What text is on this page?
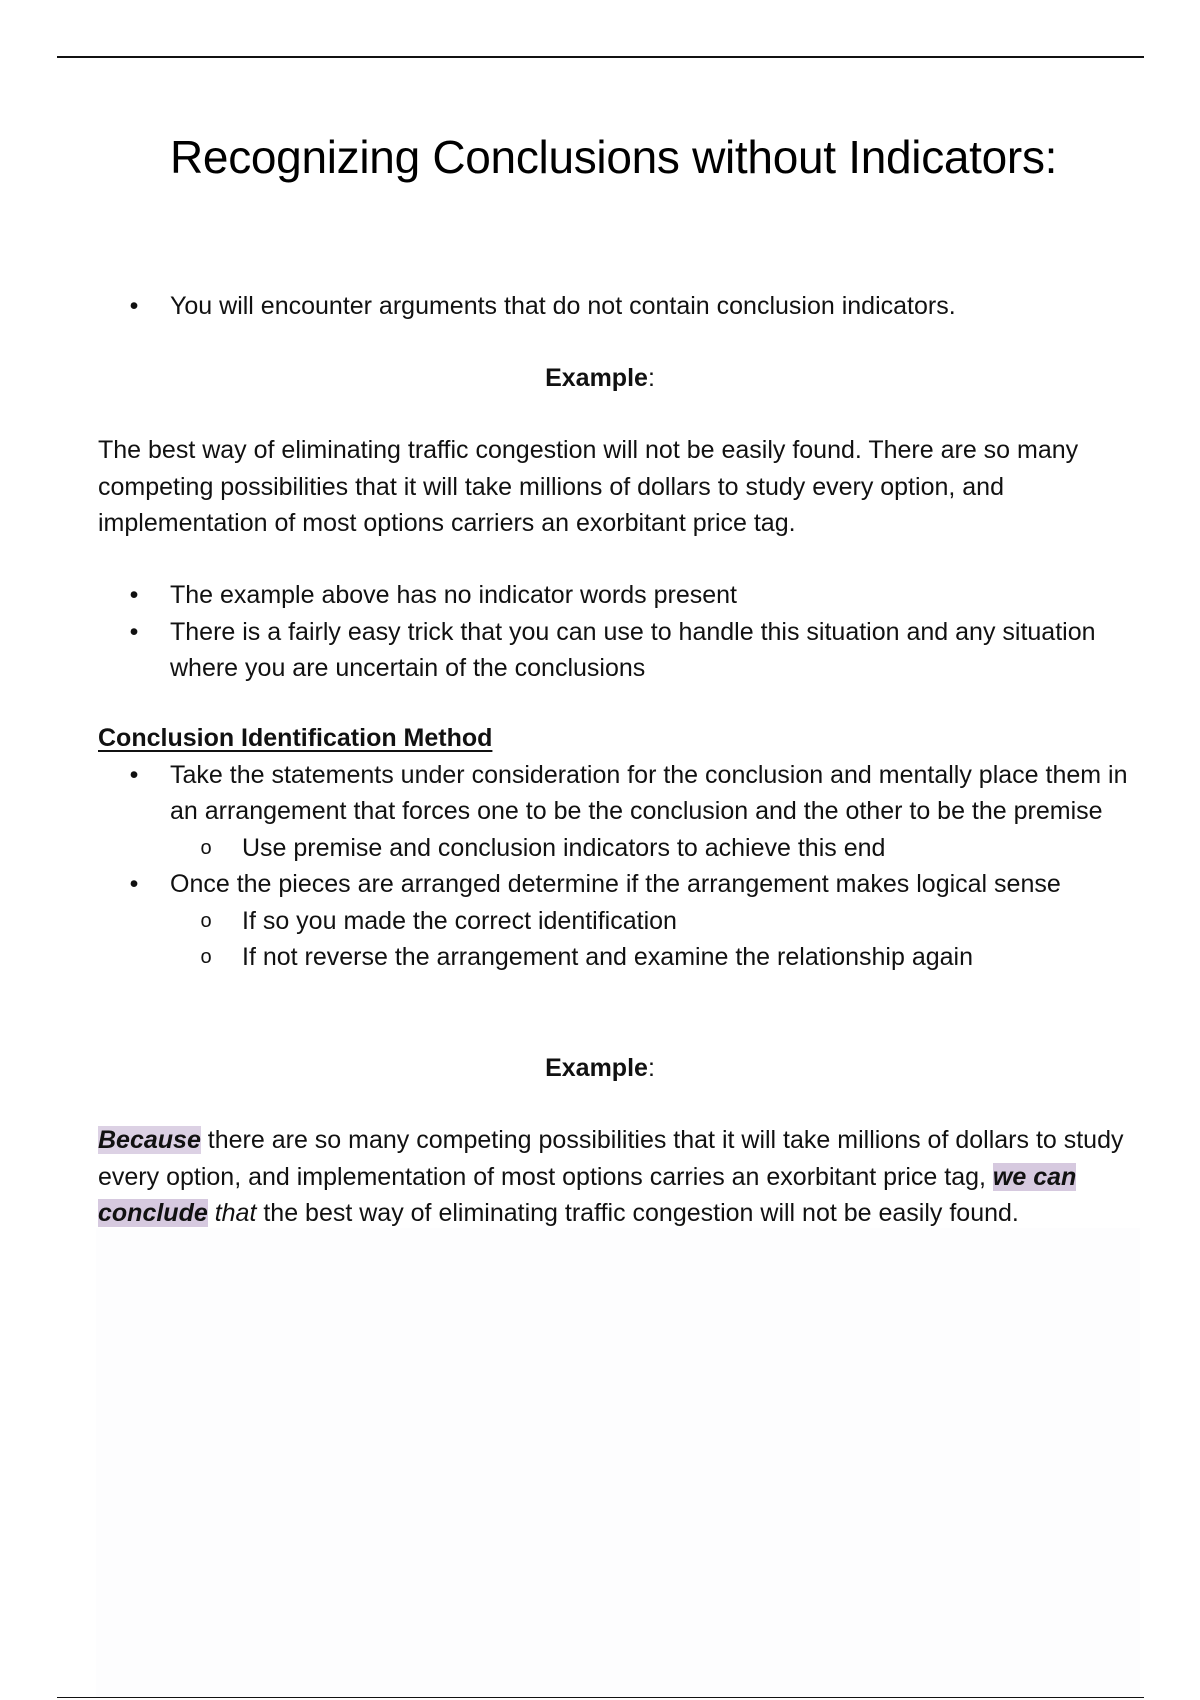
Recognizing Conclusions without Indicators:
• You will encounter arguments that do not contain conclusion indicators.
Example:
The best way of eliminating traffic congestion will not be easily found. There are so many competing possibilities that it will take millions of dollars to study every option, and implementation of most options carriers an exorbitant price tag.
• The example above has no indicator words present
• There is a fairly easy trick that you can use to handle this situation and any situation where you are uncertain of the conclusions
Conclusion Identification Method
• Take the statements under consideration for the conclusion and mentally place them in an arrangement that forces one to be the conclusion and the other to be the premise
o Use premise and conclusion indicators to achieve this end
• Once the pieces are arranged determine if the arrangement makes logical sense
o If so you made the correct identification
o If not reverse the arrangement and examine the relationship again
Example:
Because there are so many competing possibilities that it will take millions of dollars to study every option, and implementation of most options carries an exorbitant price tag, we can conclude that the best way of eliminating traffic congestion will not be easily found.
